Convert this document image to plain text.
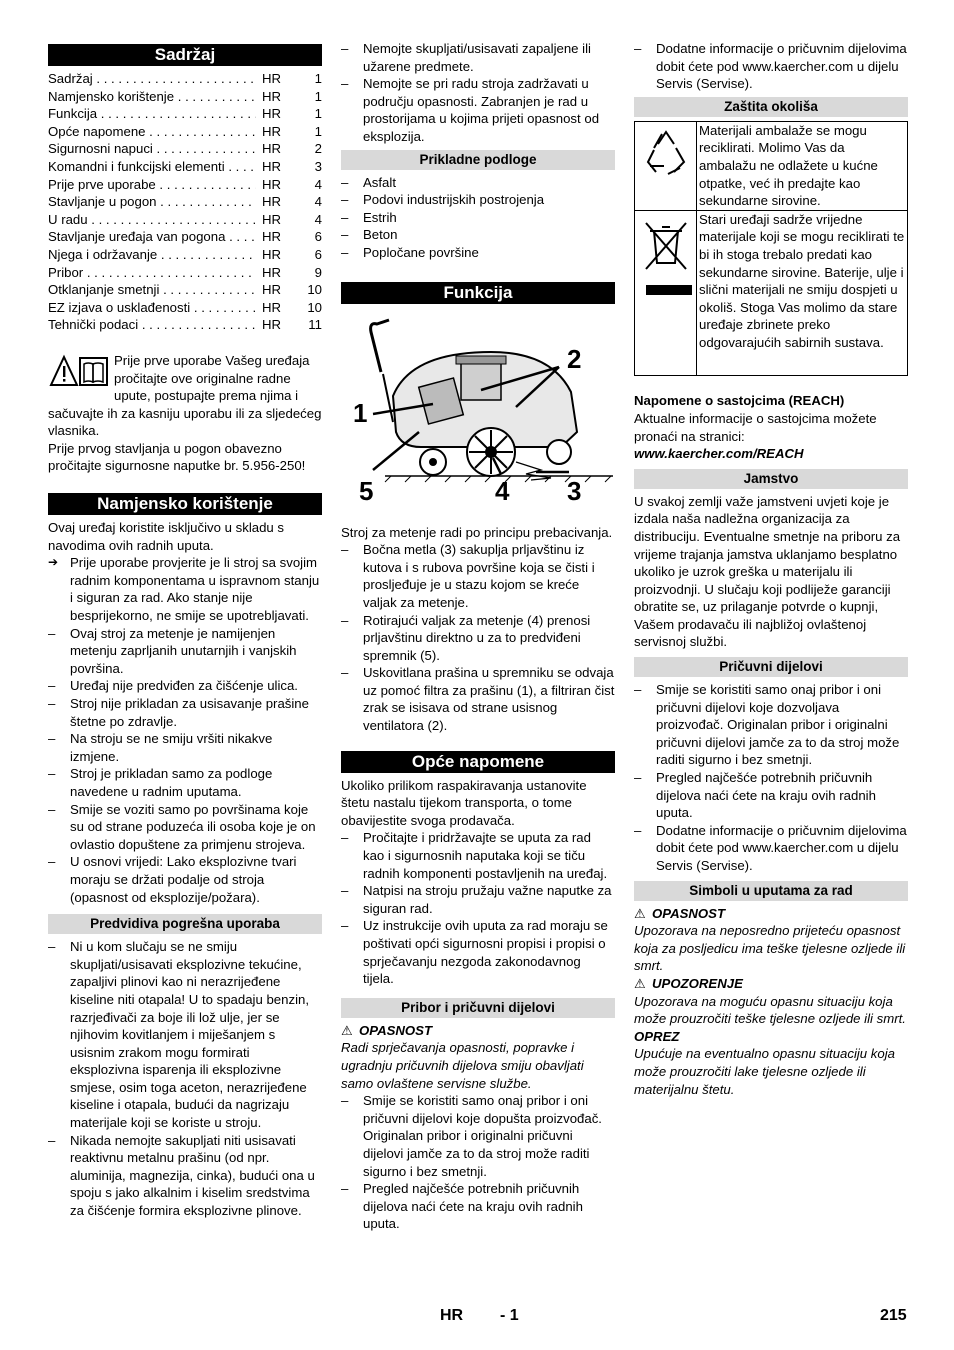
Sadržaj
Sadržaj . . .	HR	1
Namjensko korištenje . . .	HR	1
Funkcija . . .	HR	1
Opće napomene . . .	HR	1
Sigurnosni napuci . . .	HR	2
Komandni i funkcijski elementi . . .	HR	3
Prije prve uporabe . . .	HR	4
Stavljanje u pogon . . .	HR	4
U radu . . .	HR	4
Stavljanje uređaja van pogona . . .	HR	6
Njega i održavanje . . .	HR	6
Pribor . . .	HR	9
Otklanjanje smetnji . . .	HR	10
EZ izjava o usklađenosti . . .	HR	10
Tehnički podaci . . .	HR	11

Prije prve uporabe Vašeg uređaja pročitajte ove originalne radne upute, postupajte prema njima i sačuvajte ih za kasniju uporabu ili za sljedećeg vlasnika.

Prije prvog stavljanja u pogon obavezno pročitajte sigurnosne naputke br. 5.956-250!

Namjensko korištenje

Ovaj uređaj koristite isključivo u skladu s navodima ovih radnih uputa.

➔ Prije uporabe provjerite je li stroj sa svojim radnim komponentama u ispravnom stanju i siguran za rad. Ako stanje nije besprijekorno, ne smije se upotrebljavati.

– Ovaj stroj za metenje je namijenjen metenju zaprljanih unutarnjih i vanjskih površina.

– Uređaj nije predviđen za čišćenje ulica.

– Stroj nije prikladan za usisavanje prašine štetne po zdravlje.

– Na stroju se ne smiju vršiti nikakve izmjene.

– Stroj je prikladan samo za podloge navedene u radnim uputama.

– Smije se voziti samo po površinama koje su od strane poduzeća ili osoba koje je on ovlastio dopuštene za primjenu strojeva.

– U osnovi vrijedi: Lako eksplozivne tvari moraju se držati podalje od stroja (opasnost od eksplozije/požara).

Predvidiva pogrešna uporaba

– Ni u kom slučaju se ne smiju skupljati/usisavati eksplozivne tekućine, zapaljivi plinovi kao ni nerazrijeđene kiseline niti otapala! U to spadaju benzin, razrjeđivači za boje ili lož ulje, jer se njihovim kovitlanjem i miješanjem s usisnim zrakom mogu formirati eksplozivna isparenja ili eksplozivne smjese, osim toga aceton, nerazrijeđene kiseline i otapala, budući da nagrizaju materijale koji se koriste u stroju.

– Nikada nemojte sakupljati niti usisavati reaktivnu metalnu prašinu (od npr. aluminija, magnezija, cinka), budući ona u spoju s jako alkalnim i kiselim sredstvima za čišćenje formira eksplozivne plinove.

– Nemojte skupljati/usisavati zapaljene ili užarene predmete.

– Nemojte se pri radu stroja zadržavati u području opasnosti. Zabranjen je rad u prostorijama u kojima prijeti opasnost od eksplozija.

Prikladne podloge

– Asfalt

– Podovi industrijskih postrojenja

– Estrih

– Beton

– Popločane površine

Funkcija
1
2
3
4
5

Stroj za metenje radi po principu prebacivanja.

– Bočna metla (3) sakuplja prljavštinu iz kutova i s rubova površine koja se čisti i prosljeđuje je u stazu kojom se kreće valjak za metenje.

– Rotirajući valjak za metenje (4) prenosi prljavštinu direktno u za to predviđeni spremnik (5).

– Uskovitlana prašina u spremniku se odvaja uz pomoć filtra za prašinu (1), a filtriran čist zrak se isisava od strane usisnog ventilatora (2).

Opće napomene

Ukoliko prilikom raspakiravanja ustanovite štetu nastalu tijekom transporta, o tome obavijestite svoga prodavača.

– Pročitajte i pridržavajte se uputa za rad kao i sigurnosnih naputaka koji se tiču radnih komponenti postavljenih na uređaj.

– Natpisi na stroju pružaju važne naputke za siguran rad.

– Uz instrukcije ovih uputa za rad moraju se poštivati opći sigurnosni propisi i propisi o sprječavanju nezgoda zakonodavnog tijela.

Pribor i pričuvni dijelovi

⚠ OPASNOST

Radi sprječavanja opasnosti, popravke i ugradnju pričuvnih dijelova smiju obavljati samo ovlaštene servisne službe.

– Smije se koristiti samo onaj pribor i oni pričuvni dijelovi koje dopušta proizvođač. Originalan pribor i originalni pričuvni dijelovi jamče za to da stroj može raditi sigurno i bez smetnji.

– Pregled najčešće potrebnih pričuvnih dijelova naći ćete na kraju ovih radnih uputa.

– Dodatne informacije o pričuvnim dijelovima dobit ćete pod www.kaercher.com u dijelu Servis (Servise).

Zaštita okoliša
	Materijali ambalaže se mogu reciklirati. Molimo Vas da ambalažu ne odlažete u kućne otpatke, već ih predajte kao sekundarne sirovine.
	Stari uređaji sadrže vrijedne materijale koji se mogu reciklirati te bi ih stoga trebalo predati kao sekundarne sirovine. Baterije, ulje i slični materijali ne smiju dospjeti u okoliš. Stoga Vas molimo da stare uređaje zbrinete preko odgovarajućih sabirnih sustava.

Napomene o sastojcima (REACH)

Aktualne informacije o sastojcima možete pronaći na stranici:

www.kaercher.com/REACH

Jamstvo

U svakoj zemlji važe jamstveni uvjeti koje je izdala naša nadležna organizacija za distribuciju. Eventualne smetnje na priboru za vrijeme trajanja jamstva uklanjamo besplatno ukoliko je uzrok greška u materijalu ili proizvodnji. U slučaju koji podliježe garanciji obratite se, uz prilaganje potvrde o kupnji, Vašem prodavaču ili najbližoj ovlaštenoj servisnoj službi.

Pričuvni dijelovi

– Smije se koristiti samo onaj pribor i oni pričuvni dijelovi koje dozvoljava proizvođač. Originalan pribor i originalni pričuvni dijelovi jamče za to da stroj može raditi sigurno i bez smetnji.

– Pregled najčešće potrebnih pričuvnih dijelova naći ćete na kraju ovih radnih uputa.

– Dodatne informacije o pričuvnim dijelovima dobit ćete pod www.kaercher.com u dijelu Servis (Servise).

Simboli u uputama za rad

⚠ OPASNOST

Upozorava na neposredno prijeteću opasnost koja za posljedicu ima teške tjelesne ozljede ili smrt.

⚠ UPOZORENJE

Upozorava na moguću opasnu situaciju koja može prouzročiti teške tjelesne ozljede ili smrt.

OPREZ

Upućuje na eventualno opasnu situaciju koja može prouzročiti lake tjelesne ozljede ili materijalnu štetu.

HR - 1	215
